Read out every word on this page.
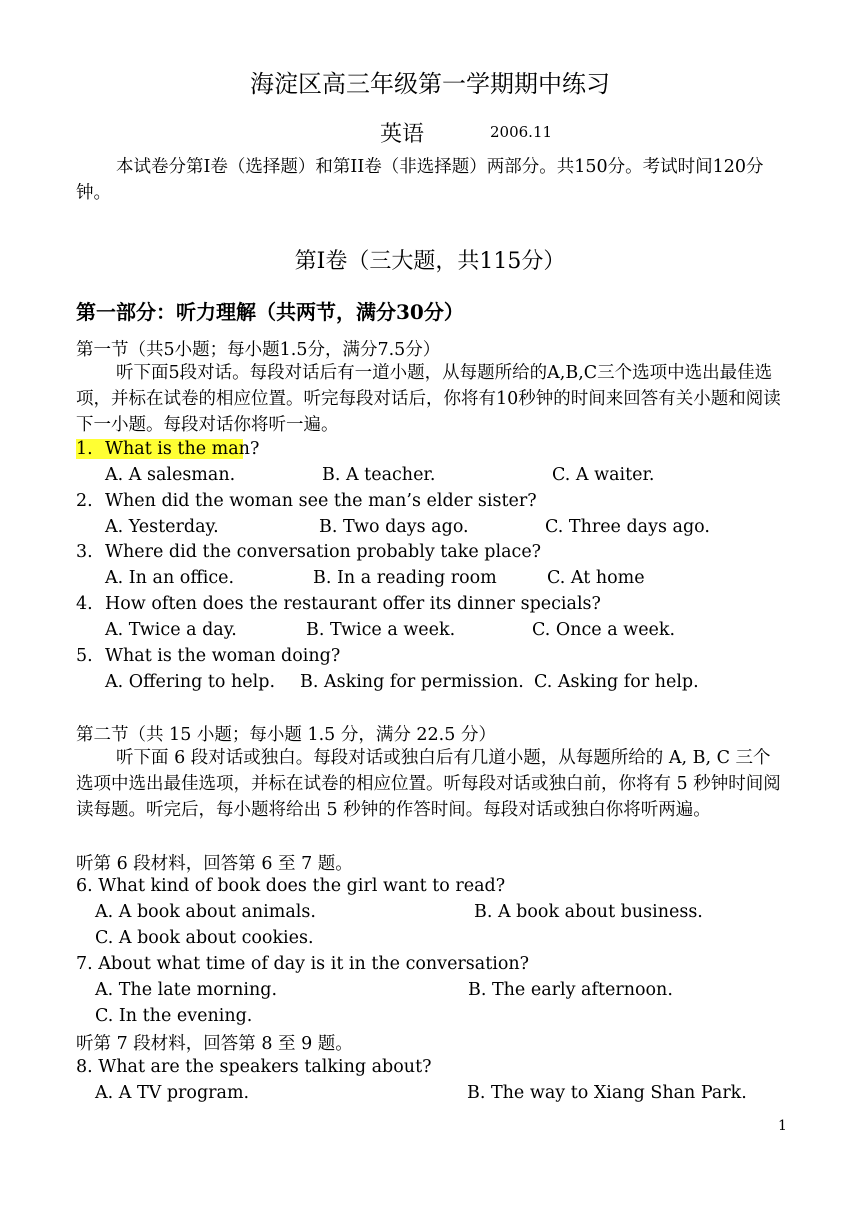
海淀区高三年级第一学期期中练习
英语	2006.11
本试卷分第I卷（选择题）和第II卷（非选择题）两部分。共150分。考试时间120分钟。
第I卷（三大题，共115分）
第一部分：听力理解（共两节，满分30分）
第一节（共5小题；每小题1.5分，满分7.5分）
听下面5段对话。每段对话后有一道小题，从每题所给的A,B,C三个选项中选出最佳选项，并标在试卷的相应位置。听完每段对话后，你将有10秒钟的时间来回答有关小题和阅读下一小题。每段对话你将听一遍。
1. What is the man?
A. A salesman.	B. A teacher.	C. A waiter.
2. When did the woman see the man’s elder sister?
A. Yesterday.	B. Two days ago.	C. Three days ago.
3. Where did the conversation probably take place?
A. In an office.	B. In a reading room	C. At home
4. How often does the restaurant offer its dinner specials?
A. Twice a day.	B. Twice a week.	C. Once a week.
5. What is the woman doing?
A. Offering to help. B. Asking for permission. C. Asking for help.
第二节（共 15 小题；每小题 1.5 分，满分 22.5 分）
听下面 6 段对话或独白。每段对话或独白后有几道小题，从每题所给的 A, B, C 三个选项中选出最佳选项，并标在试卷的相应位置。听每段对话或独白前，你将有 5 秒钟时间阅读每题。听完后，每小题将给出 5 秒钟的作答时间。每段对话或独白你将听两遍。
听第 6 段材料，回答第 6 至 7 题。
6. What kind of book does the girl want to read?
A. A book about animals.	B. A book about business.
C. A book about cookies.
7. About what time of day is it in the conversation?
A. The late morning.	B. The early afternoon.
C. In the evening.
听第 7 段材料，回答第 8 至 9 题。
8. What are the speakers talking about?
A. A TV program.	B. The way to Xiang Shan Park.
1
